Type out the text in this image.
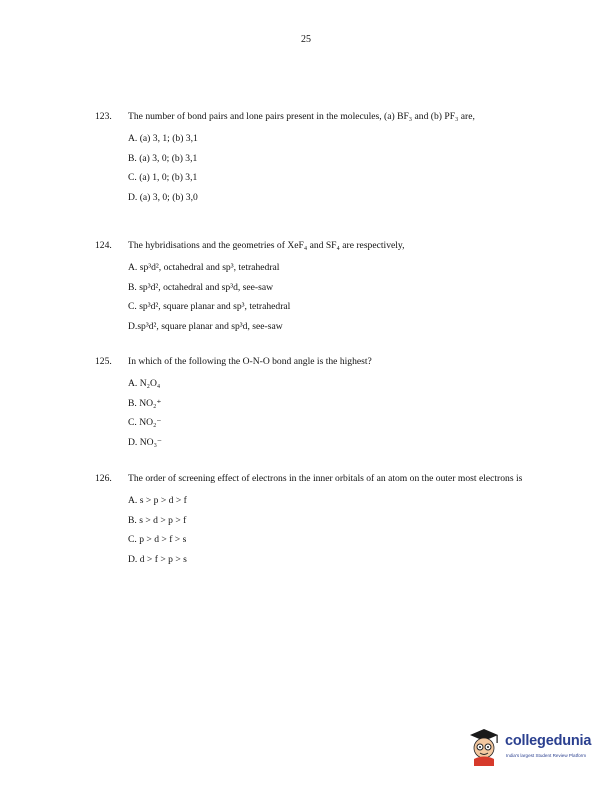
25
123.	The number of bond pairs and lone pairs present in the molecules, (a) BF₃ and (b) PF₃ are,
A. (a) 3, 1; (b) 3,1
B. (a) 3, 0; (b) 3,1
C. (a) 1, 0; (b) 3,1
D. (a) 3, 0; (b) 3,0
124.	The hybridisations and the geometries of XeF₄ and SF₄ are respectively,
A. sp³d², octahedral and sp³, tetrahedral
B. sp³d², octahedral and sp³d, see-saw
C. sp³d², square planar and sp³, tetrahedral
D.sp³d², square planar and sp³d, see-saw
125.	In which of the following the O-N-O bond angle is the highest?
A. N₂O₄
B. NO₂⁺
C. NO₂⁻
D. NO₃⁻
126.	The order of screening effect of electrons in the inner orbitals of an atom on the outer most electrons is
A. s > p > d > f
B. s > d > p > f
C. p > d > f > s
D. d > f > p > s
collegedunia
India's largest Student Review Platform
